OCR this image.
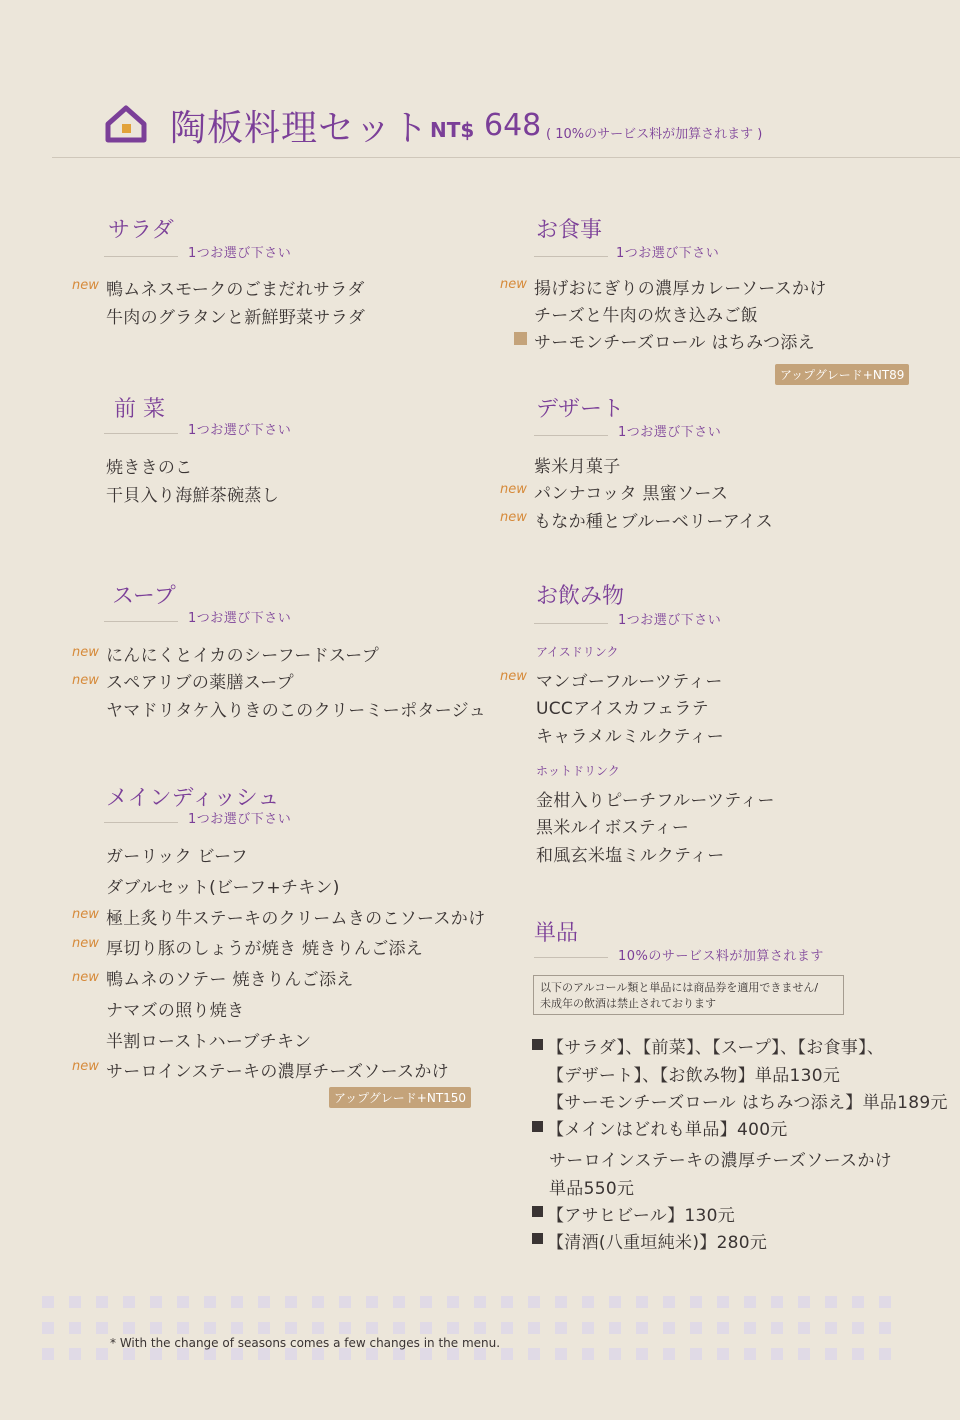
陶板料理セット NT$ 648 ( 10%のサービス料が加算されます )
サラダ
1つお選び下さい
new 鴨ムネスモークのごまだれサラダ
牛肉のグラタンと新鮮野菜サラダ
前 菜
1つお選び下さい
焼ききのこ
干貝入り海鮮茶碗蒸し
スープ
1つお選び下さい
new にんにくとイカのシーフードスープ
new スペアリブの薬膳スープ
ヤマドリタケ入りきのこのクリーミーポタージュ
メインディッシュ
1つお選び下さい
ガーリック ビーフ
ダブルセット(ビーフ+チキン)
new 極上炙り牛ステーキのクリームきのこソースかけ
new 厚切り豚のしょうが焼き 焼きりんご添え
new 鴨ムネのソテー 焼きりんご添え
ナマズの照り焼き
半割ローストハーブチキン
new サーロインステーキの濃厚チーズソースかけ
アップグレード+NT150
お食事
1つお選び下さい
new 揚げおにぎりの濃厚カレーソースかけ
チーズと牛肉の炊き込みご飯
サーモンチーズロール はちみつ添え
アップグレード+NT89
デザート
1つお選び下さい
紫米月菓子
new パンナコッタ 黒蜜ソース
new もなか種とブルーベリーアイス
お飲み物
1つお選び下さい
アイスドリンク
new マンゴーフルーツティー
UCCアイスカフェラテ
キャラメルミルクティー
ホットドリンク
金柑入りピーチフルーツティー
黒米ルイボスティー
和風玄米塩ミルクティー
単品
10%のサービス料が加算されます
以下のアルコール類と単品には商品券を適用できません/
未成年の飲酒は禁止されております
【サラダ】、【前菜】、【スープ】、【お食事】、
【デザート】、【お飲み物】単品130元
【サーモンチーズロール はちみつ添え】単品189元
【メインはどれも単品】400元
サーロインステーキの濃厚チーズソースかけ
単品550元
【アサヒビール】130元
【清酒(八重垣純米)】280元
* With the change of seasons comes a few changes in the menu.
